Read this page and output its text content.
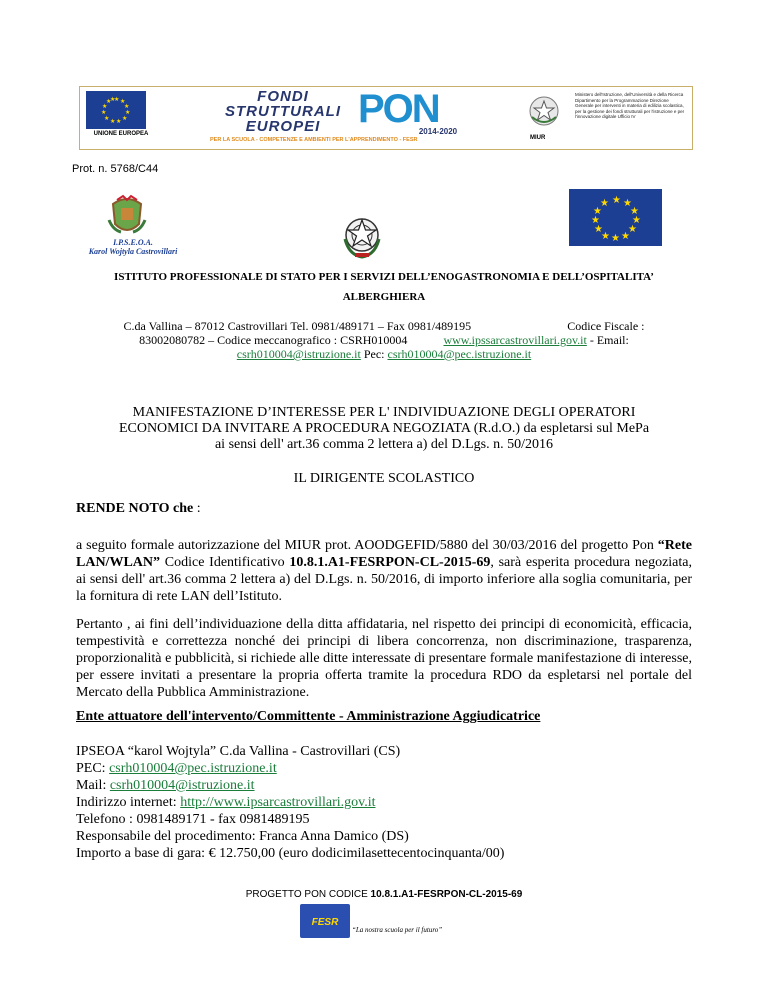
★ ★
★
★
★
★
★
★
★
★
★
★
UNIONE EUROPEA
FONDI STRUTTURALI EUROPEI PON
2014-2020
PER LA SCUOLA - COMPETENZE E AMBIENTI PER L'APPRENDIMENTO - FESR	MIUR
Ministero dell'Istruzione, dell'Università e della Ricerca Dipartimento per la Programmazione Direzione Generale per interventi in materia di edilizia scolastica, per la gestione dei fondi strutturali per l'istruzione e per l'innovazione digitale Ufficio IV
Prot. n. 5768/C44
I.P.S.E.O.A.
Karol Wojtyla Castrovillari
★ ★
★
★
★
★
★
★
★
★
★
★
ISTITUTO PROFESSIONALE DI STATO PER I SERVIZI DELL’ENOGASTRONOMIA E DELL’OSPITALITA’
ALBERGHIERA
C.da Vallina – 87012 Castrovillari Tel. 0981/489171 – Fax 0981/489195	Codice Fiscale :
83002080782 – Codice meccanografico : CSRH010004	www.ipssarcastrovillari.gov.it - Email:
csrh010004@istruzione.it Pec: csrh010004@pec.istruzione.it
MANIFESTAZIONE D’INTERESSE PER L' INDIVIDUAZIONE DEGLI OPERATORI
ECONOMICI DA INVITARE A PROCEDURA NEGOZIATA (R.d.O.) da espletarsi sul MePa
ai sensi dell' art.36 comma 2 lettera a) del D.Lgs. n. 50/2016
IL DIRIGENTE SCOLASTICO
RENDE NOTO che :
a seguito formale autorizzazione del MIUR prot. AOODGEFID/5880 del 30/03/2016 del progetto Pon “Rete LAN/WLAN” Codice Identificativo 10.8.1.A1-FESRPON-CL-2015-69, sarà esperita procedura negoziata, ai sensi dell' art.36 comma 2 lettera a) del D.Lgs. n. 50/2016, di importo inferiore alla soglia comunitaria, per la fornitura di rete LAN dell’Istituto.
Pertanto , ai fini dell’individuazione della ditta affidataria, nel rispetto dei principi di economicità, efficacia, tempestività e correttezza nonché dei principi di libera concorrenza, non discriminazione, trasparenza, proporzionalità e pubblicità, si richiede alle ditte interessate di presentare formale manifestazione di interesse, per essere invitati a presentare la propria offerta tramite la procedura RDO da espletarsi nel portale del Mercato della Pubblica Amministrazione.
Ente attuatore dell'intervento/Committente - Amministrazione Aggiudicatrice
IPSEOA “karol Wojtyla” C.da Vallina - Castrovillari (CS)
PEC: csrh010004@pec.istruzione.it
Mail: csrh010004@istruzione.it
Indirizzo internet: http://www.ipsarcastrovillari.gov.it
Telefono : 0981489171 - fax 0981489195
Responsabile del procedimento: Franca Anna Damico (DS)
Importo a base di gara: € 12.750,00 (euro dodicimilasettecentocinquanta/00)
PROGETTO PON CODICE 10.8.1.A1-FESRPON-CL-2015-69
FESR
“La nostra scuola per il futuro”
